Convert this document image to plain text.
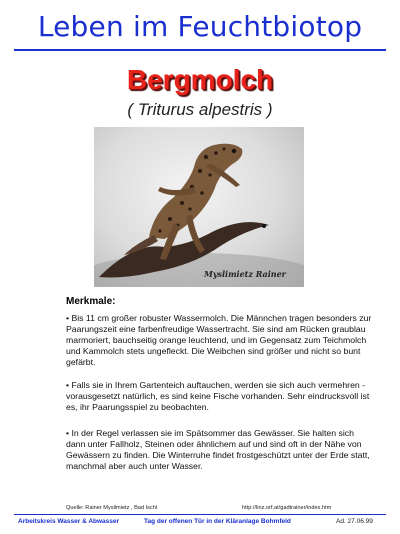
Leben im Feuchtbiotop
Bergmolch
( Triturus alpestris )
Myslimietz Rainer
Merkmale:
• Bis 11 cm großer robuster Wassermolch. Die Männchen tragen besonders zur Paarungszeit eine farbenfreudige Wassertracht. Sie sind am Rücken graublau marmoriert, bauchseitig orange leuchtend, und im Gegensatz zum Teichmolch und Kammolch stets ungefleckt. Die Weibchen sind größer und nicht so bunt gefärbt.
• Falls sie in Ihrem Gartenteich auftauchen, werden sie sich auch vermehren - vorausgesetzt natürlich, es sind keine Fische vorhanden. Sehr eindrucksvoll ist es, ihr Paarungsspiel zu beobachten.
• In der Regel verlassen sie im Spätsommer das Gewässer. Sie halten sich dann unter Fallholz, Steinen oder ähnlichem auf und sind oft in der Nähe von Gewässern zu finden. Die Winterruhe findet frostgeschützt unter der Erde statt, manchmal aber auch unter Wasser.
Quelle: Rainer Myslimietz , Bad Ischl	http://linz.orf.at/gadtrainer/index.htm
Arbeitskreis Wasser & Abwasser	Tag der offenen Tür in der Kläranlage Bohmfeld	Ad. 27.06.99
